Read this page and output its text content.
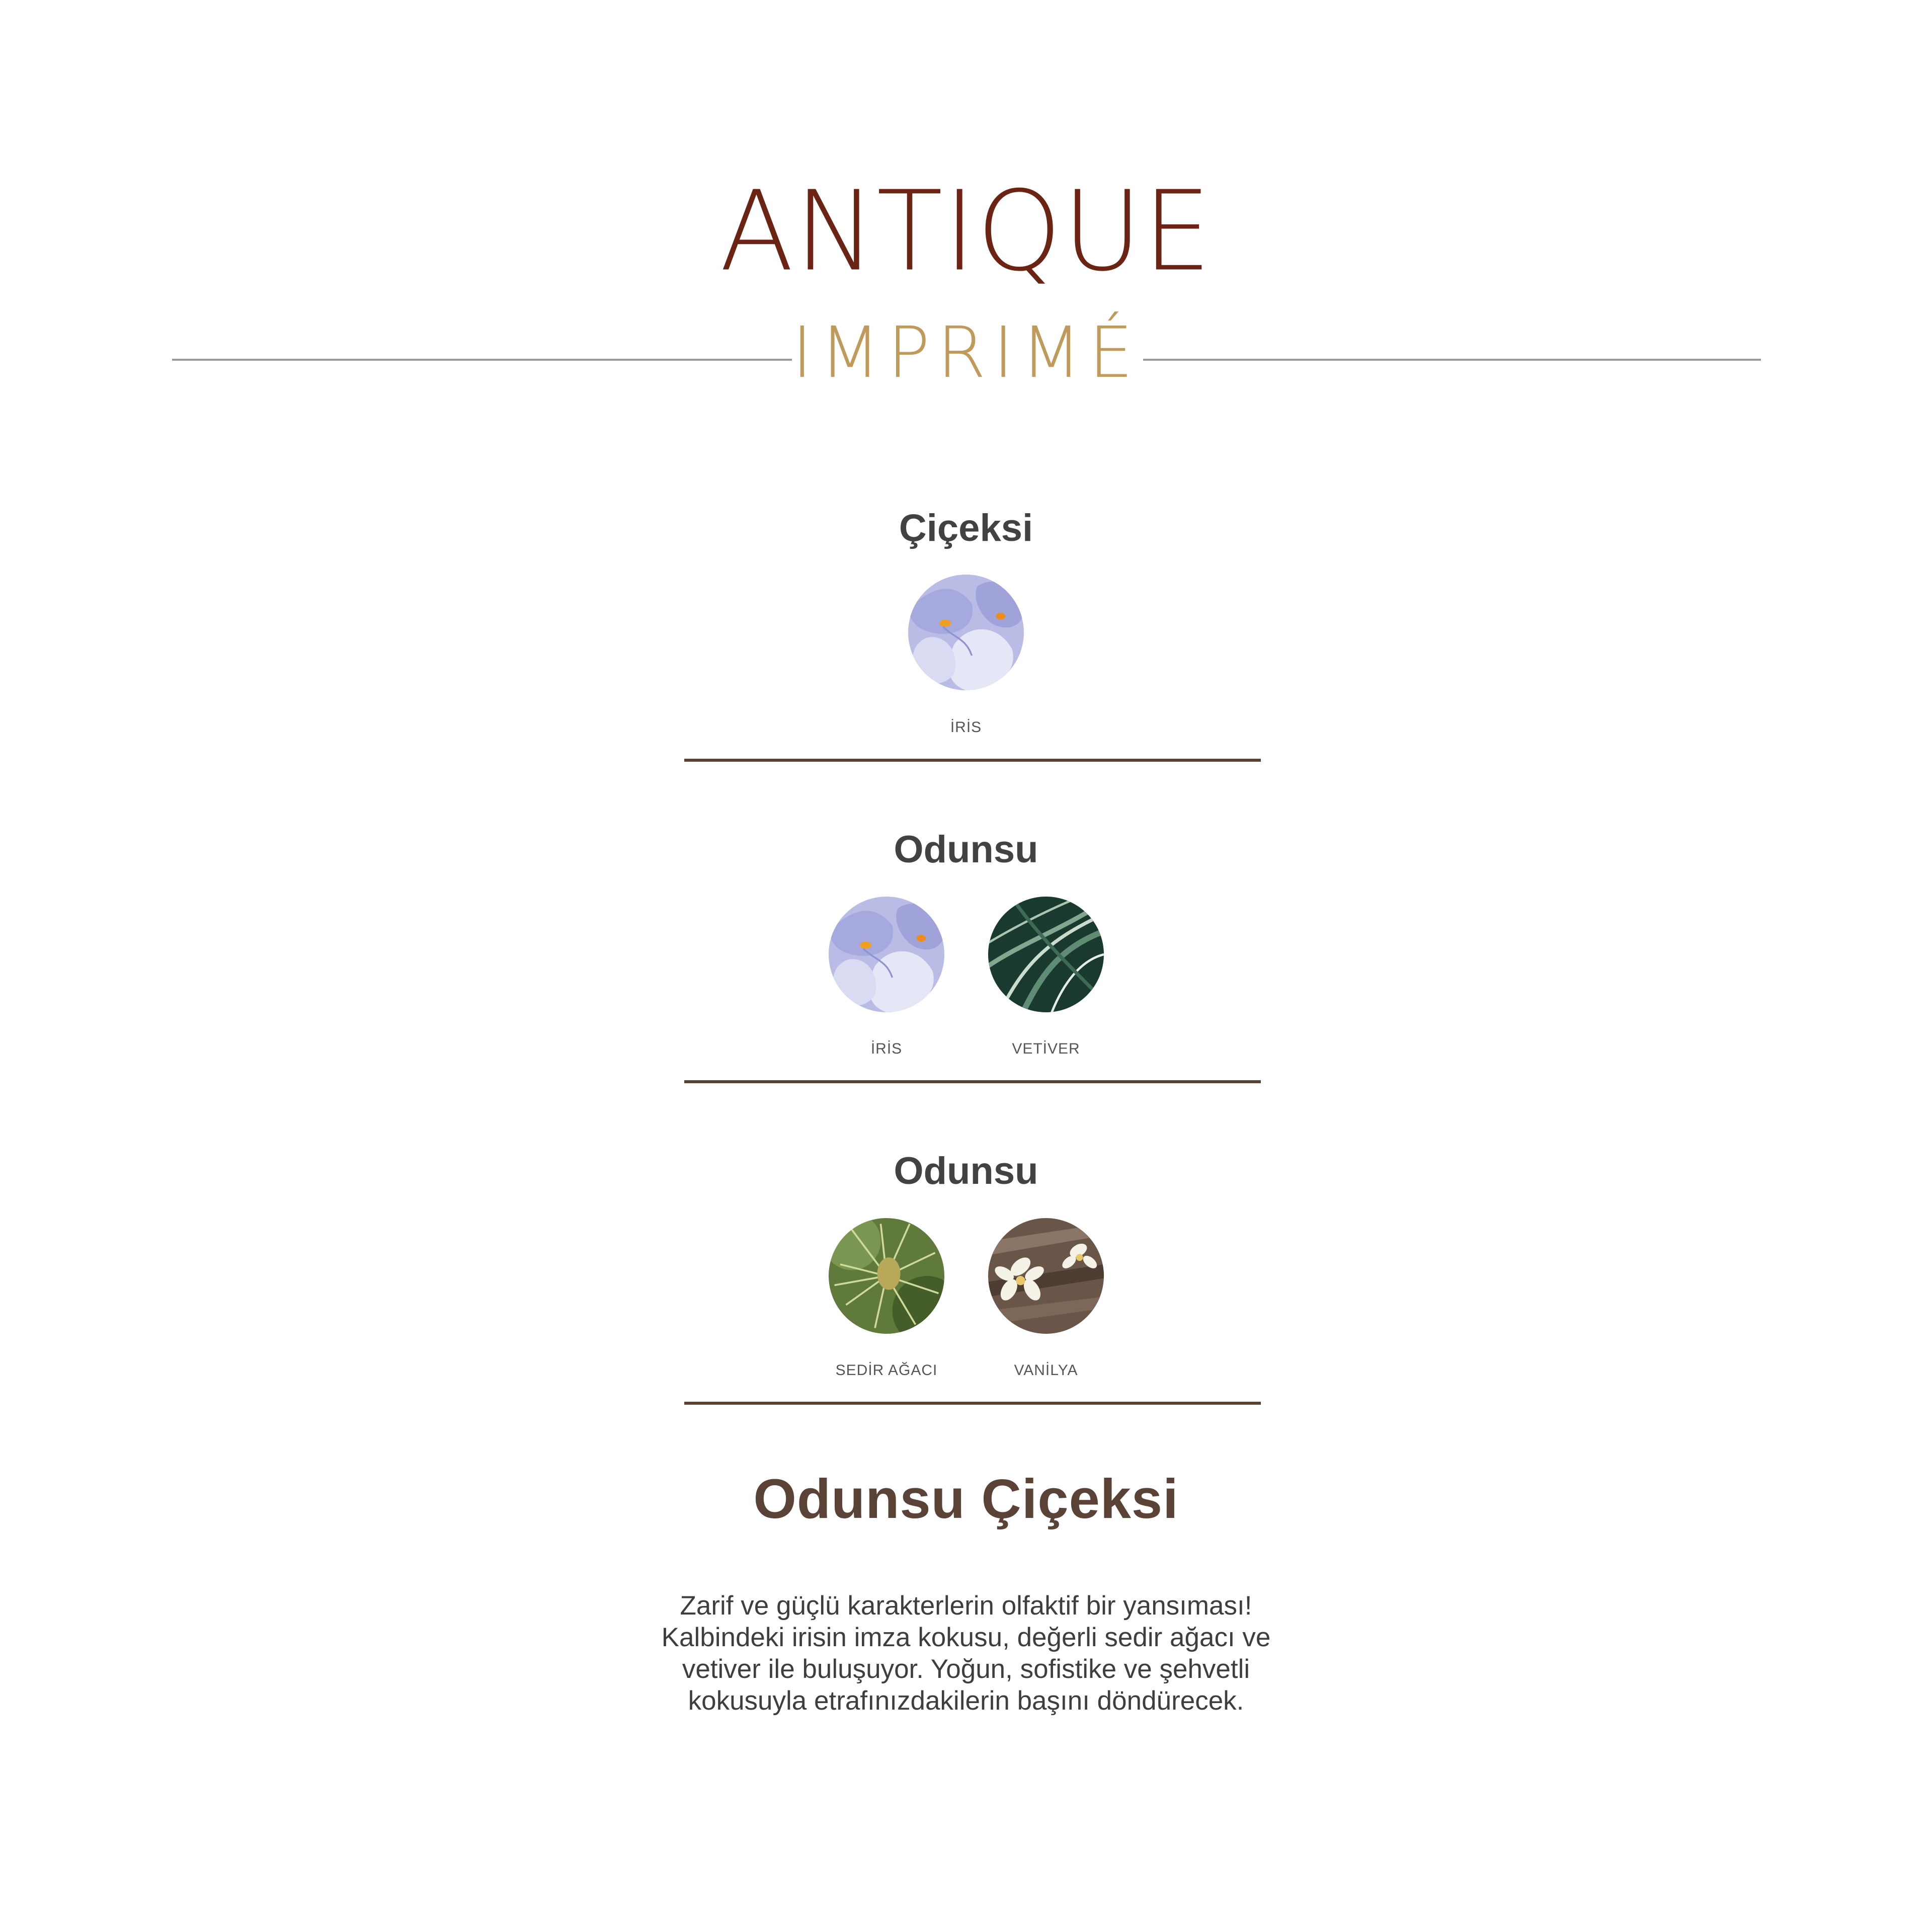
ANTIQUE
IMPRIMÉ
Çiçeksi
İRİS
Odunsu
İRİS	VETİVER
Odunsu
SEDİR AĞACI	VANİLYA
Odunsu Çiçeksi
Zarif ve güçlü karakterlerin olfaktif bir yansıması!
Kalbindeki irisin imza kokusu, değerli sedir ağacı ve
vetiver ile buluşuyor. Yoğun, sofistike ve şehvetli
kokusuyla etrafınızdakilerin başını döndürecek.
